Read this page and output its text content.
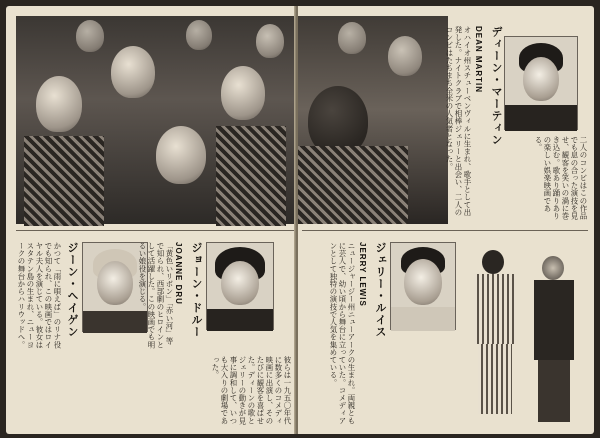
ジーン・ヘイゲン
かつて「雨に唄えば」のリナ役でも知られ、この映画ではロイヤル夫人を演じている。彼女はスタテン島の生まれ、ニューヨークの舞台からハリウッドへ。	ジョーン・ドルー
JOANNE DRU
「黄色いリボン」「赤い河」等で知られ、西部劇のヒロインとして活躍した。この映画でも明るい娘役を演じる。
彼らは一九五〇年代に数多くのコメディ映画に出演し、そのたびに観客を喜ばせた。ディーンの歌とジェリーの動きが見事に調和して、いつも大入りの劇場であった。
ディーン・マーティン
DEAN MARTIN
オハイオ州スチューベンヴィルに生まれ、歌手として出発した。ナイトクラブで相棒ジェリーと出会い、二人のコンビはたちまち全米の人気者となった。
二人のコンビはこの作品でも息の合った演技を見せ、観客を笑いの渦に巻き込む。歌あり踊りありの楽しい娯楽映画である。
ジェリー・ルイス
JERRY LEWIS
ニュージャージー州ニューアークの生まれ。両親ともに芸人で、幼い頃から舞台に立っていた。コメディアンとして独特の演技で人気を集めている。
